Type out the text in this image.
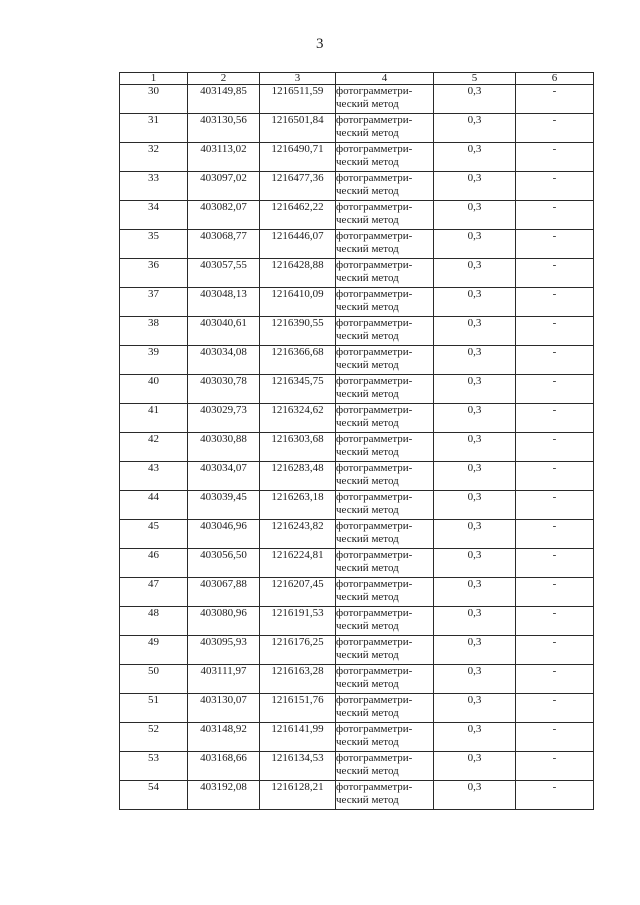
3
1	2	3	4	5	6
30	403149,85	1216511,59	фотограмметри-
ческий метод	0,3	-
31	403130,56	1216501,84	фотограмметри-
ческий метод	0,3	-
32	403113,02	1216490,71	фотограмметри-
ческий метод	0,3	-
33	403097,02	1216477,36	фотограмметри-
ческий метод	0,3	-
34	403082,07	1216462,22	фотограмметри-
ческий метод	0,3	-
35	403068,77	1216446,07	фотограмметри-
ческий метод	0,3	-
36	403057,55	1216428,88	фотограмметри-
ческий метод	0,3	-
37	403048,13	1216410,09	фотограмметри-
ческий метод	0,3	-
38	403040,61	1216390,55	фотограмметри-
ческий метод	0,3	-
39	403034,08	1216366,68	фотограмметри-
ческий метод	0,3	-
40	403030,78	1216345,75	фотограмметри-
ческий метод	0,3	-
41	403029,73	1216324,62	фотограмметри-
ческий метод	0,3	-
42	403030,88	1216303,68	фотограмметри-
ческий метод	0,3	-
43	403034,07	1216283,48	фотограмметри-
ческий метод	0,3	-
44	403039,45	1216263,18	фотограмметри-
ческий метод	0,3	-
45	403046,96	1216243,82	фотограмметри-
ческий метод	0,3	-
46	403056,50	1216224,81	фотограмметри-
ческий метод	0,3	-
47	403067,88	1216207,45	фотограмметри-
ческий метод	0,3	-
48	403080,96	1216191,53	фотограмметри-
ческий метод	0,3	-
49	403095,93	1216176,25	фотограмметри-
ческий метод	0,3	-
50	403111,97	1216163,28	фотограмметри-
ческий метод	0,3	-
51	403130,07	1216151,76	фотограмметри-
ческий метод	0,3	-
52	403148,92	1216141,99	фотограмметри-
ческий метод	0,3	-
53	403168,66	1216134,53	фотограмметри-
ческий метод	0,3	-
54	403192,08	1216128,21	фотограмметри-
ческий метод	0,3	-
